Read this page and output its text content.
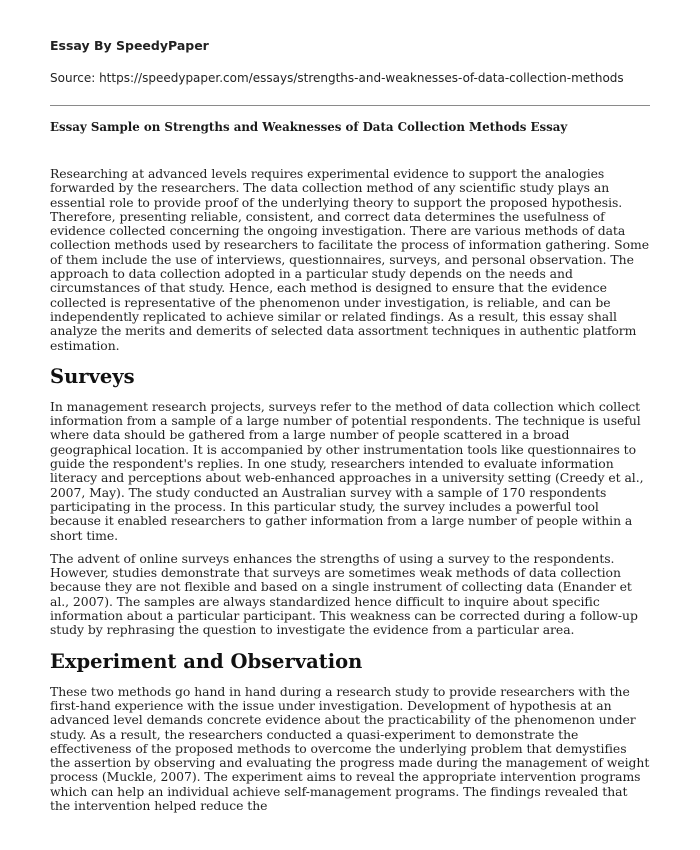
Essay By SpeedyPaper
Source: https://speedypaper.com/essays/strengths-and-weaknesses-of-data-collection-methods
Essay Sample on Strengths and Weaknesses of Data Collection Methods Essay

Researching at advanced levels requires experimental evidence to support the analogies forwarded by the researchers. The data collection method of any scientific study plays an essential role to provide proof of the underlying theory to support the proposed hypothesis. Therefore, presenting reliable, consistent, and correct data determines the usefulness of evidence collected concerning the ongoing investigation. There are various methods of data collection methods used by researchers to facilitate the process of information gathering. Some of them include the use of interviews, questionnaires, surveys, and personal observation. The approach to data collection adopted in a particular study depends on the needs and circumstances of that study. Hence, each method is designed to ensure that the evidence collected is representative of the phenomenon under investigation, is reliable, and can be independently replicated to achieve similar or related findings. As a result, this essay shall analyze the merits and demerits of selected data assortment techniques in authentic platform estimation.

Surveys

In management research projects, surveys refer to the method of data collection which collect information from a sample of a large number of potential respondents. The technique is useful where data should be gathered from a large number of people scattered in a broad geographical location. It is accompanied by other instrumentation tools like questionnaires to guide the respondent's replies. In one study, researchers intended to evaluate information literacy and perceptions about web-enhanced approaches in a university setting (Creedy et al., 2007, May). The study conducted an Australian survey with a sample of 170 respondents participating in the process. In this particular study, the survey includes a powerful tool because it enabled researchers to gather information from a large number of people within a short time.

The advent of online surveys enhances the strengths of using a survey to the respondents. However, studies demonstrate that surveys are sometimes weak methods of data collection because they are not flexible and based on a single instrument of collecting data (Enander et al., 2007). The samples are always standardized hence difficult to inquire about specific information about a particular participant. This weakness can be corrected during a follow-up study by rephrasing the question to investigate the evidence from a particular area.

Experiment and Observation

These two methods go hand in hand during a research study to provide researchers with the first-hand experience with the issue under investigation. Development of hypothesis at an advanced level demands concrete evidence about the practicability of the phenomenon under study. As a result, the researchers conducted a quasi-experiment to demonstrate the effectiveness of the proposed methods to overcome the underlying problem that demystifies the assertion by observing and evaluating the progress made during the management of weight process (Muckle, 2007). The experiment aims to reveal the appropriate intervention programs which can help an individual achieve self-management programs. The findings revealed that the intervention helped reduce the
